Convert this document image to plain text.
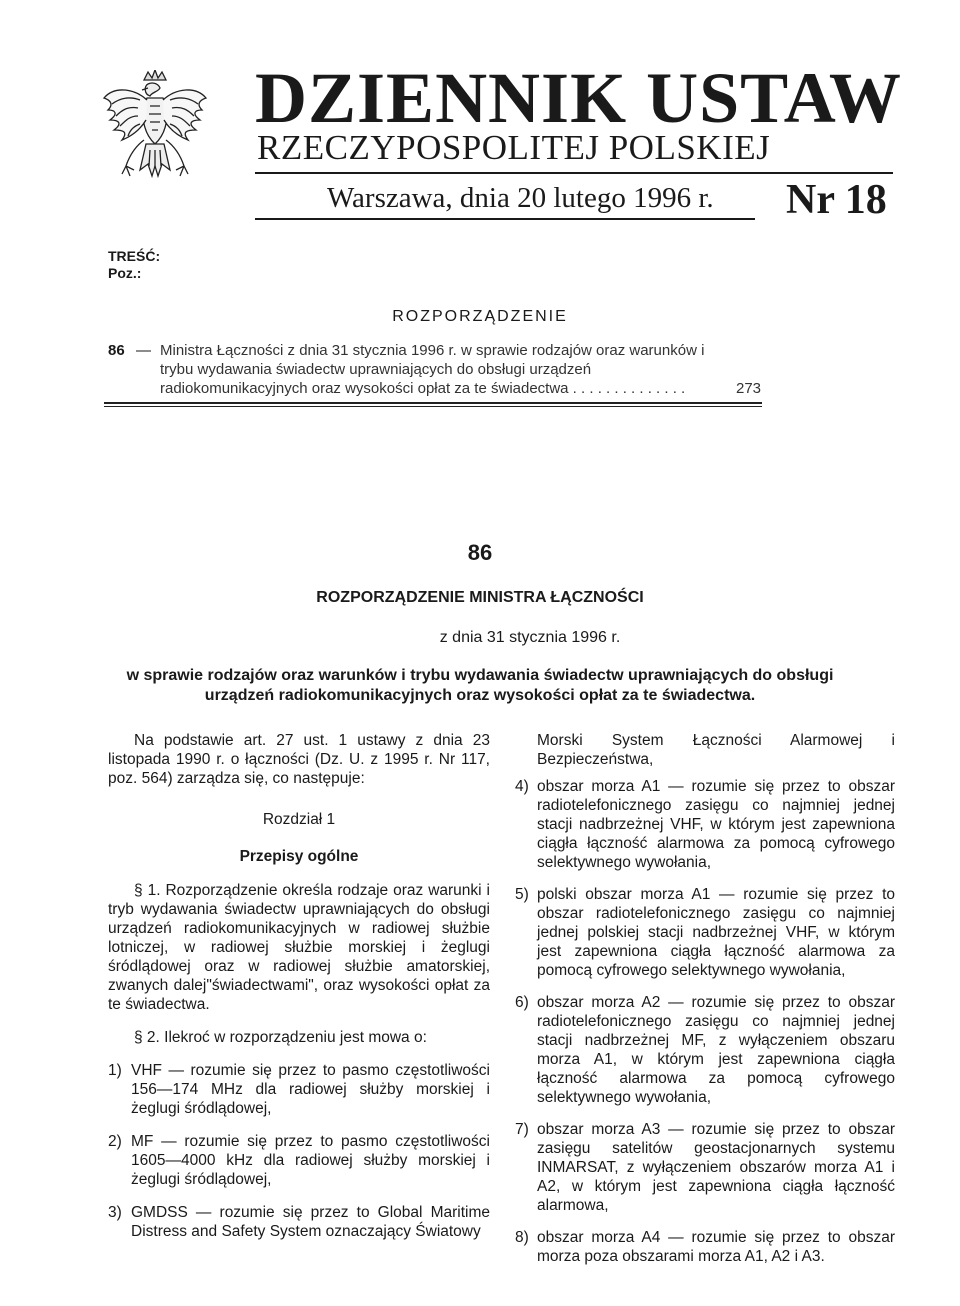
DZIENNIK USTAW
RZECZYPOSPOLITEJ POLSKIEJ
Warszawa, dnia 20 lutego 1996 r. Nr 18
TREŚĆ:
Poz.:
ROZPORZĄDZENIE
86 — Ministra Łączności z dnia 31 stycznia 1996 r. w sprawie rodzajów oraz warunków i trybu wydawania świadectw uprawniających do obsługi urządzeń radiokomunikacyjnych oraz wysokości opłat za te świadectwa . . . . . . . . . . . . . .	273
86
ROZPORZĄDZENIE MINISTRA ŁĄCZNOŚCI
z dnia 31 stycznia 1996 r.
w sprawie rodzajów oraz warunków i trybu wydawania świadectw uprawniających do obsługi urządzeń radiokomunikacyjnych oraz wysokości opłat za te świadectwa.

Na podstawie art. 27 ust. 1 ustawy z dnia 23 listopada 1990 r. o łączności (Dz. U. z 1995 r. Nr 117, poz. 564) zarządza się, co następuje:

Rozdział 1

Przepisy ogólne

§ 1. Rozporządzenie określa rodzaje oraz warunki i tryb wydawania świadectw uprawniających do obsługi urządzeń radiokomunikacyjnych w radiowej służbie lotniczej, w radiowej służbie morskiej i żeglugi śródlądowej oraz w radiowej służbie amatorskiej, zwanych dalej"świadectwami", oraz wysokości opłat za te świadectwa.

§ 2. Ilekroć w rozporządzeniu jest mowa o:

1) VHF — rozumie się przez to pasmo częstotliwości 156—174 MHz dla radiowej służby morskiej i żeglugi śródlądowej,
2) MF — rozumie się przez to pasmo częstotliwości 1605—4000 kHz dla radiowej służby morskiej i żeglugi śródlądowej,
3) GMDSS — rozumie się przez to Global Maritime Distress and Safety System oznaczający Światowy

Morski System Łączności Alarmowej i Bezpieczeństwa,

4) obszar morza A1 — rozumie się przez to obszar radiotelefonicznego zasięgu co najmniej jednej stacji nadbrzeżnej VHF, w którym jest zapewniona ciągła łączność alarmowa za pomocą cyfrowego selektywnego wywołania,
5) polski obszar morza A1 — rozumie się przez to obszar radiotelefonicznego zasięgu co najmniej jednej polskiej stacji nadbrzeżnej VHF, w którym jest zapewniona ciągła łączność alarmowa za pomocą cyfrowego selektywnego wywołania,
6) obszar morza A2 — rozumie się przez to obszar radiotelefonicznego zasięgu co najmniej jednej stacji nadbrzeżnej MF, z wyłączeniem obszaru morza A1, w którym jest zapewniona ciągła łączność alarmowa za pomocą cyfrowego selektywnego wywołania,
7) obszar morza A3 — rozumie się przez to obszar zasięgu satelitów geostacjonarnych systemu INMARSAT, z wyłączeniem obszarów morza A1 i A2, w którym jest zapewniona ciągła łączność alarmowa,
8) obszar morza A4 — rozumie się przez to obszar morza poza obszarami morza A1, A2 i A3.
